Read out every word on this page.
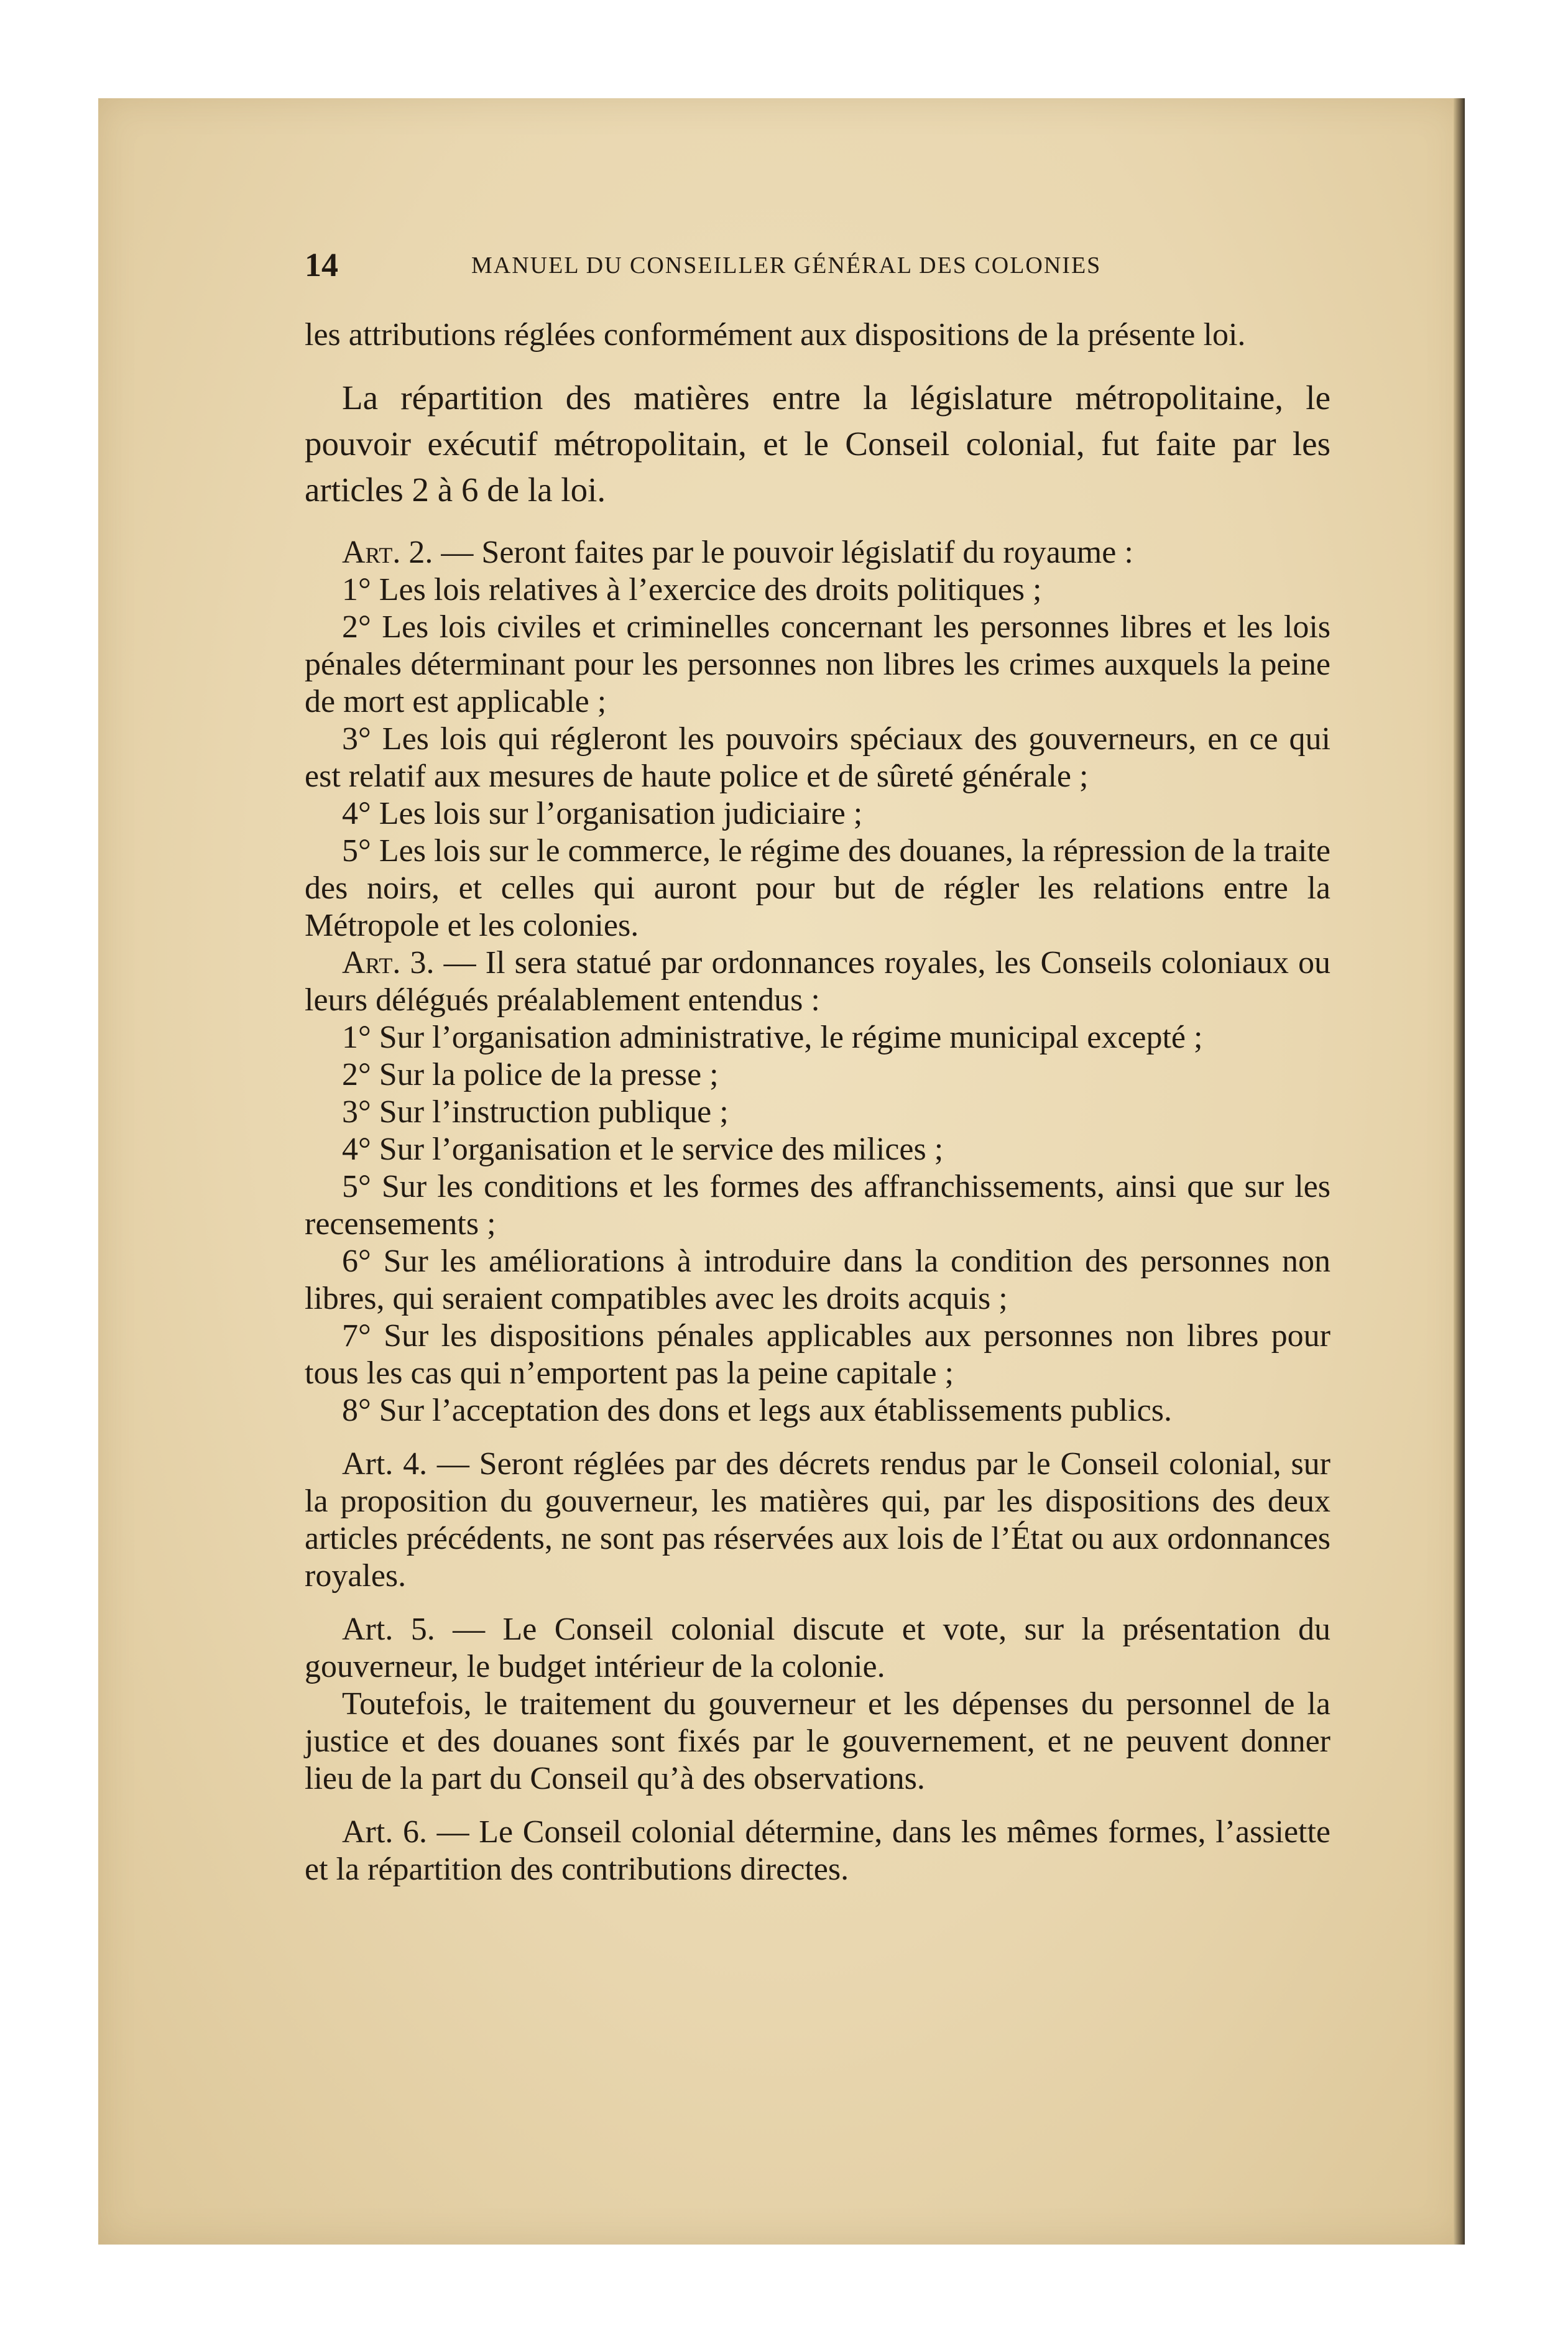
14	MANUEL DU CONSEILLER GÉNÉRAL DES COLONIES

les attributions réglées conformément aux dispositions de la présente loi.

La répartition des matières entre la législature métropolitaine, le pouvoir exécutif métropolitain, et le Conseil colonial, fut faite par les articles 2 à 6 de la loi.

Art. 2. — Seront faites par le pouvoir législatif du royaume :

1° Les lois relatives à l’exercice des droits politiques ;

2° Les lois civiles et criminelles concernant les personnes libres et les lois pénales déterminant pour les personnes non libres les crimes auxquels la peine de mort est applicable ;

3° Les lois qui régleront les pouvoirs spéciaux des gouverneurs, en ce qui est relatif aux mesures de haute police et de sûreté générale ;

4° Les lois sur l’organisation judiciaire ;

5° Les lois sur le commerce, le régime des douanes, la répression de la traite des noirs, et celles qui auront pour but de régler les relations entre la Métropole et les colonies.

Art. 3. — Il sera statué par ordonnances royales, les Conseils coloniaux ou leurs délégués préalablement entendus :

1° Sur l’organisation administrative, le régime municipal excepté ;

2° Sur la police de la presse ;

3° Sur l’instruction publique ;

4° Sur l’organisation et le service des milices ;

5° Sur les conditions et les formes des affranchissements, ainsi que sur les recensements ;

6° Sur les améliorations à introduire dans la condition des personnes non libres, qui seraient compatibles avec les droits acquis ;

7° Sur les dispositions pénales applicables aux personnes non libres pour tous les cas qui n’emportent pas la peine capitale ;

8° Sur l’acceptation des dons et legs aux établissements publics.

Art. 4. — Seront réglées par des décrets rendus par le Conseil colonial, sur la proposition du gouverneur, les matières qui, par les dispositions des deux articles précédents, ne sont pas réservées aux lois de l’État ou aux ordonnances royales.

Art. 5. — Le Conseil colonial discute et vote, sur la présentation du gouverneur, le budget intérieur de la colonie.

Toutefois, le traitement du gouverneur et les dépenses du personnel de la justice et des douanes sont fixés par le gouvernement, et ne peuvent donner lieu de la part du Conseil qu’à des observations.

Art. 6. — Le Conseil colonial détermine, dans les mêmes formes, l’assiette et la répartition des contributions directes.
